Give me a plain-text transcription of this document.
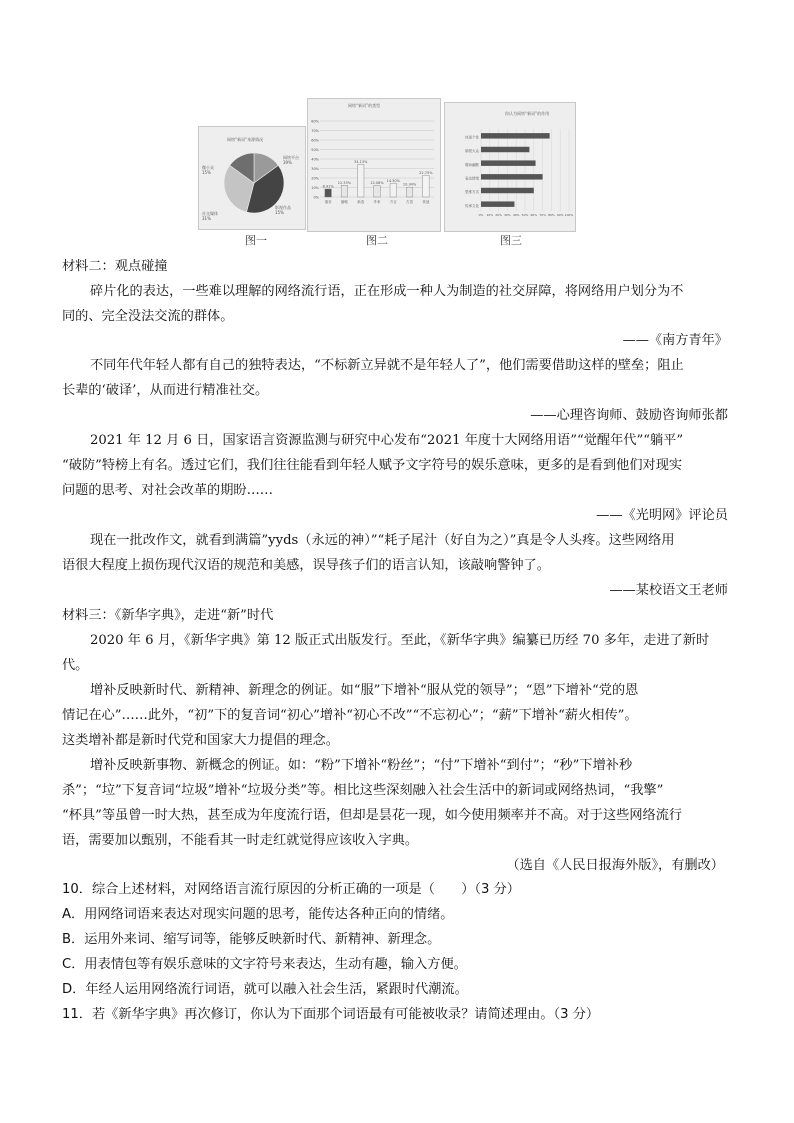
网络“新词”来源情况
微小众
15%
网络平台
39%
社交媒体
31%
影视作品
15%
图一
网络“新词”的类型
80%
70%
60%
50%
40%
30%
20%
10%
0%
8.41%
谐音
12.33%
缩略
34.13%
新造
12.08%
外来
14.30%
方言
10.34%
古语
22.75%
其他
图二
你认为网络“新词”的作用
0% 10% 20% 30% 40% 50% 60% 70% 80% 90% 100%
体现个性
愉悦大众
增添幽默
表达情绪
思维方式
传承文化
图三
材料二：观点碰撞
碎片化的表达，一些难以理解的网络流行语，正在形成一种人为制造的社交屏障，将网络用户划分为不
同的、完全没法交流的群体。
——《南方青年》
不同年代年轻人都有自己的独特表达，“不标新立异就不是年轻人了”，他们需要借助这样的壁垒；阻止
长辈的‘破译’，从而进行精准社交。
——心理咨询师、鼓励咨询师张都
2021 年 12 月 6 日，国家语言资源监测与研究中心发布“2021 年度十大网络用语”“觉醒年代”“躺平”
“破防”特榜上有名。透过它们，我们往往能看到年轻人赋予文字符号的娱乐意味，更多的是看到他们对现实
问题的思考、对社会改革的期盼……
——《光明网》评论员
现在一批改作文，就看到满篇”yyds（永远的神）”“耗子尾汁（好自为之）”真是令人头疼。这些网络用
语很大程度上损伤现代汉语的规范和美感，误导孩子们的语言认知，该敲响警钟了。
——某校语文王老师
材料三：《新华字典》，走进“新”时代
2020 年 6 月，《新华字典》第 12 版正式出版发行。至此，《新华字典》编纂已历经 70 多年，走进了新时
代。
增补反映新时代、新精神、新理念的例证。如“服”下增补“服从党的领导”；“恩”下增补“党的恩
情记在心”……此外，“初”下的复音词“初心”增补“初心不改”“不忘初心”；“薪”下增补“薪火相传”。
这类增补都是新时代党和国家大力提倡的理念。
增补反映新事物、新概念的例证。如：“粉”下增补“粉丝”；“付”下增补“到付”；“秒”下增补秒
杀”；“垃”下复音词“垃圾”增补“垃圾分类”等。相比这些深刻融入社会生活中的新词或网络热词，“我擎”
“杯具”等虽曾一时大热，甚至成为年度流行语，但却是昙花一现，如今使用频率并不高。对于这些网络流行
语，需要加以甄别，不能看其一时走红就觉得应该收入字典。
（选自《人民日报海外版》，有删改）
10．综合上述材料，对网络语言流行原因的分析正确的一项是（　　）（3 分）
A．用网络词语来表达对现实问题的思考，能传达各种正向的情绪。
B．运用外来词、缩写词等，能够反映新时代、新精神、新理念。
C．用表情包等有娱乐意味的文字符号来表达，生动有趣，输入方便。
D．年经人运用网络流行词语，就可以融入社会生活，紧跟时代潮流。
11．若《新华字典》再次修订，你认为下面那个词语最有可能被收录？请简述理由。（3 分）
